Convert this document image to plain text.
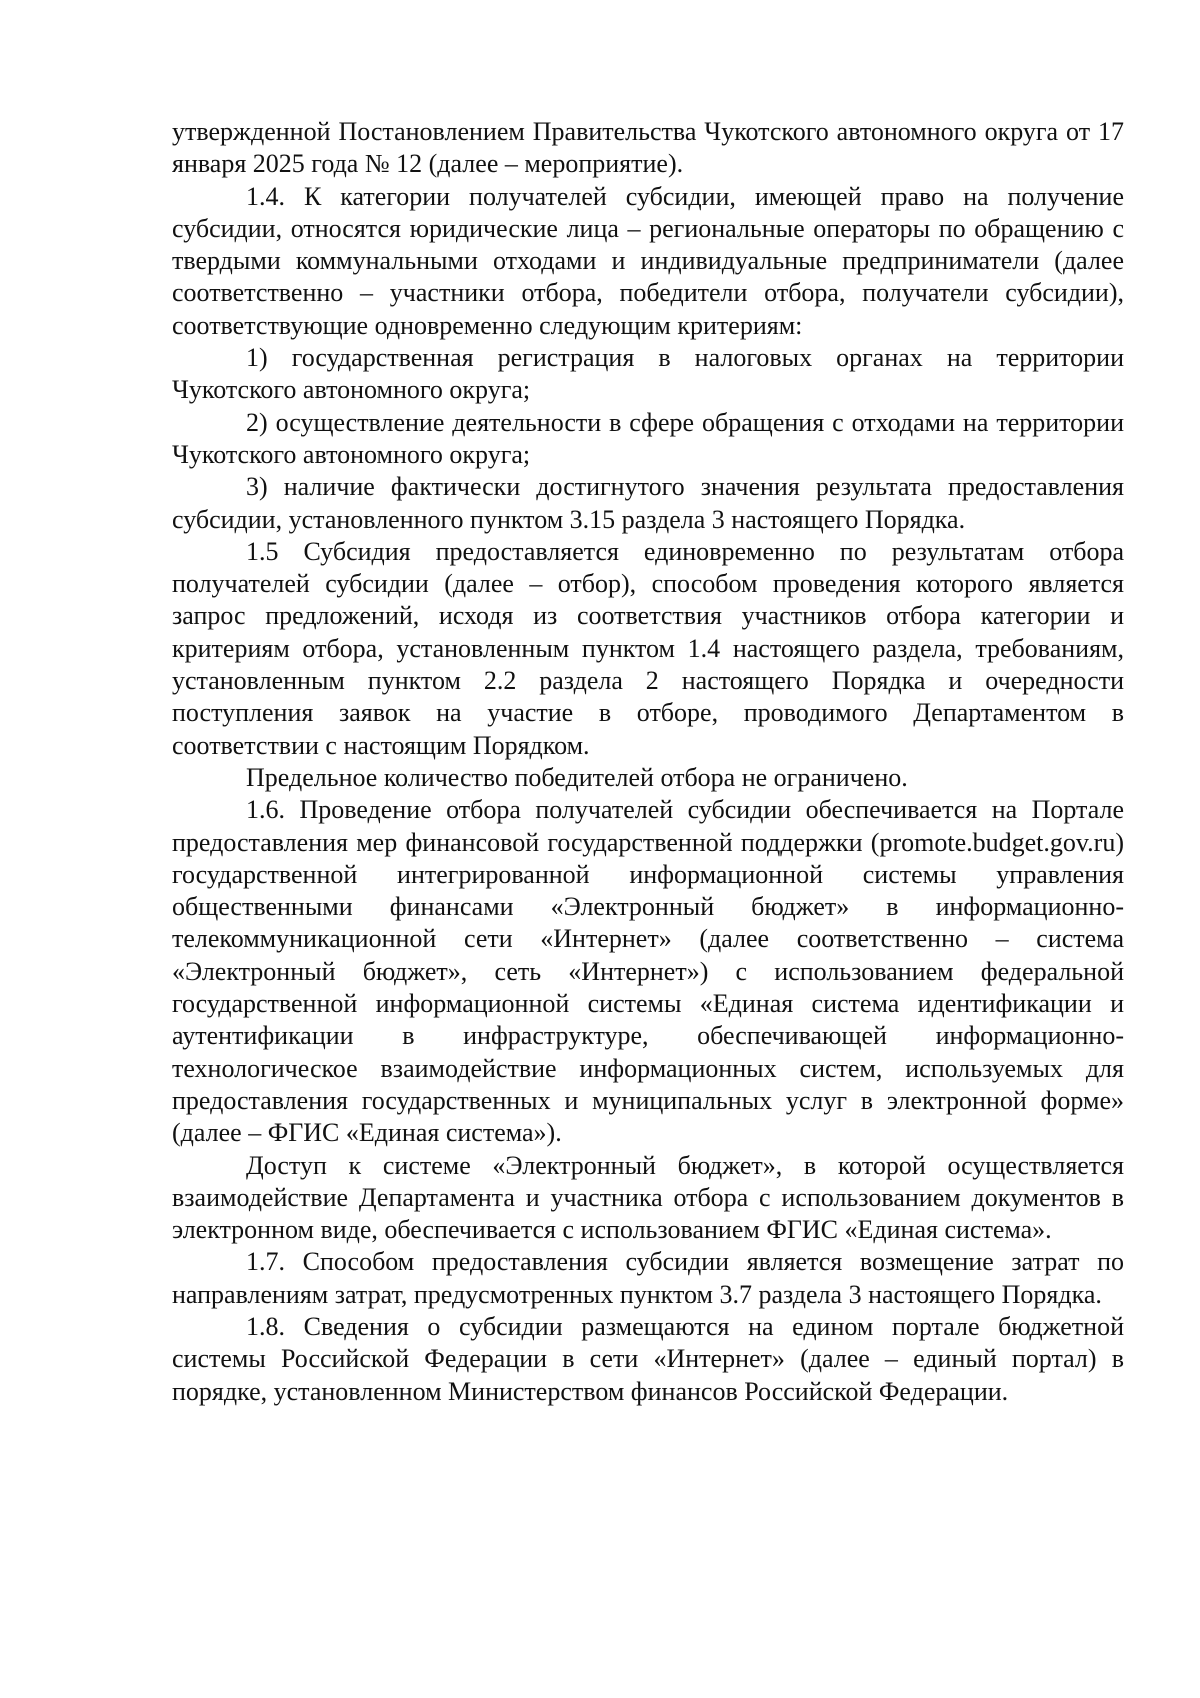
утвержденной Постановлением Правительства Чукотского автономного округа от 17 января 2025 года № 12 (далее – мероприятие).

1.4. К категории получателей субсидии, имеющей право на получение субсидии, относятся юридические лица – региональные операторы по обращению с твердыми коммунальными отходами и индивидуальные предприниматели (далее соответственно – участники отбора, победители отбора, получатели субсидии), соответствующие одновременно следующим критериям:

1) государственная регистрация в налоговых органах на территории Чукотского автономного округа;

2) осуществление деятельности в сфере обращения с отходами на территории Чукотского автономного округа;

3) наличие фактически достигнутого значения результата предоставления субсидии, установленного пунктом 3.15 раздела 3 настоящего Порядка.

1.5 Субсидия предоставляется единовременно по результатам отбора получателей субсидии (далее – отбор), способом проведения которого является запрос предложений, исходя из соответствия участников отбора категории и критериям отбора, установленным пунктом 1.4 настоящего раздела, требованиям, установленным пунктом 2.2 раздела 2 настоящего Порядка и очередности поступления заявок на участие в отборе, проводимого Департаментом в соответствии с настоящим Порядком.

Предельное количество победителей отбора не ограничено.

1.6. Проведение отбора получателей субсидии обеспечивается на Портале предоставления мер финансовой государственной поддержки (promote.budget.gov.ru) государственной интегрированной информационной системы управления общественными финансами «Электронный бюджет» в информационно-телекоммуникационной сети «Интернет» (далее соответственно – система «Электронный бюджет», сеть «Интернет») с использованием федеральной государственной информационной системы «Единая система идентификации и аутентификации в инфраструктуре, обеспечивающей информационно-технологическое взаимодействие информационных систем, используемых для предоставления государственных и муниципальных услуг в электронной форме» (далее – ФГИС «Единая система»).

Доступ к системе «Электронный бюджет», в которой осуществляется взаимодействие Департамента и участника отбора с использованием документов в электронном виде, обеспечивается с использованием ФГИС «Единая система».

1.7. Способом предоставления субсидии является возмещение затрат по направлениям затрат, предусмотренных пунктом 3.7 раздела 3 настоящего Порядка.

1.8. Сведения о субсидии размещаются на едином портале бюджетной системы Российской Федерации в сети «Интернет» (далее – единый портал) в порядке, установленном Министерством финансов Российской Федерации.
